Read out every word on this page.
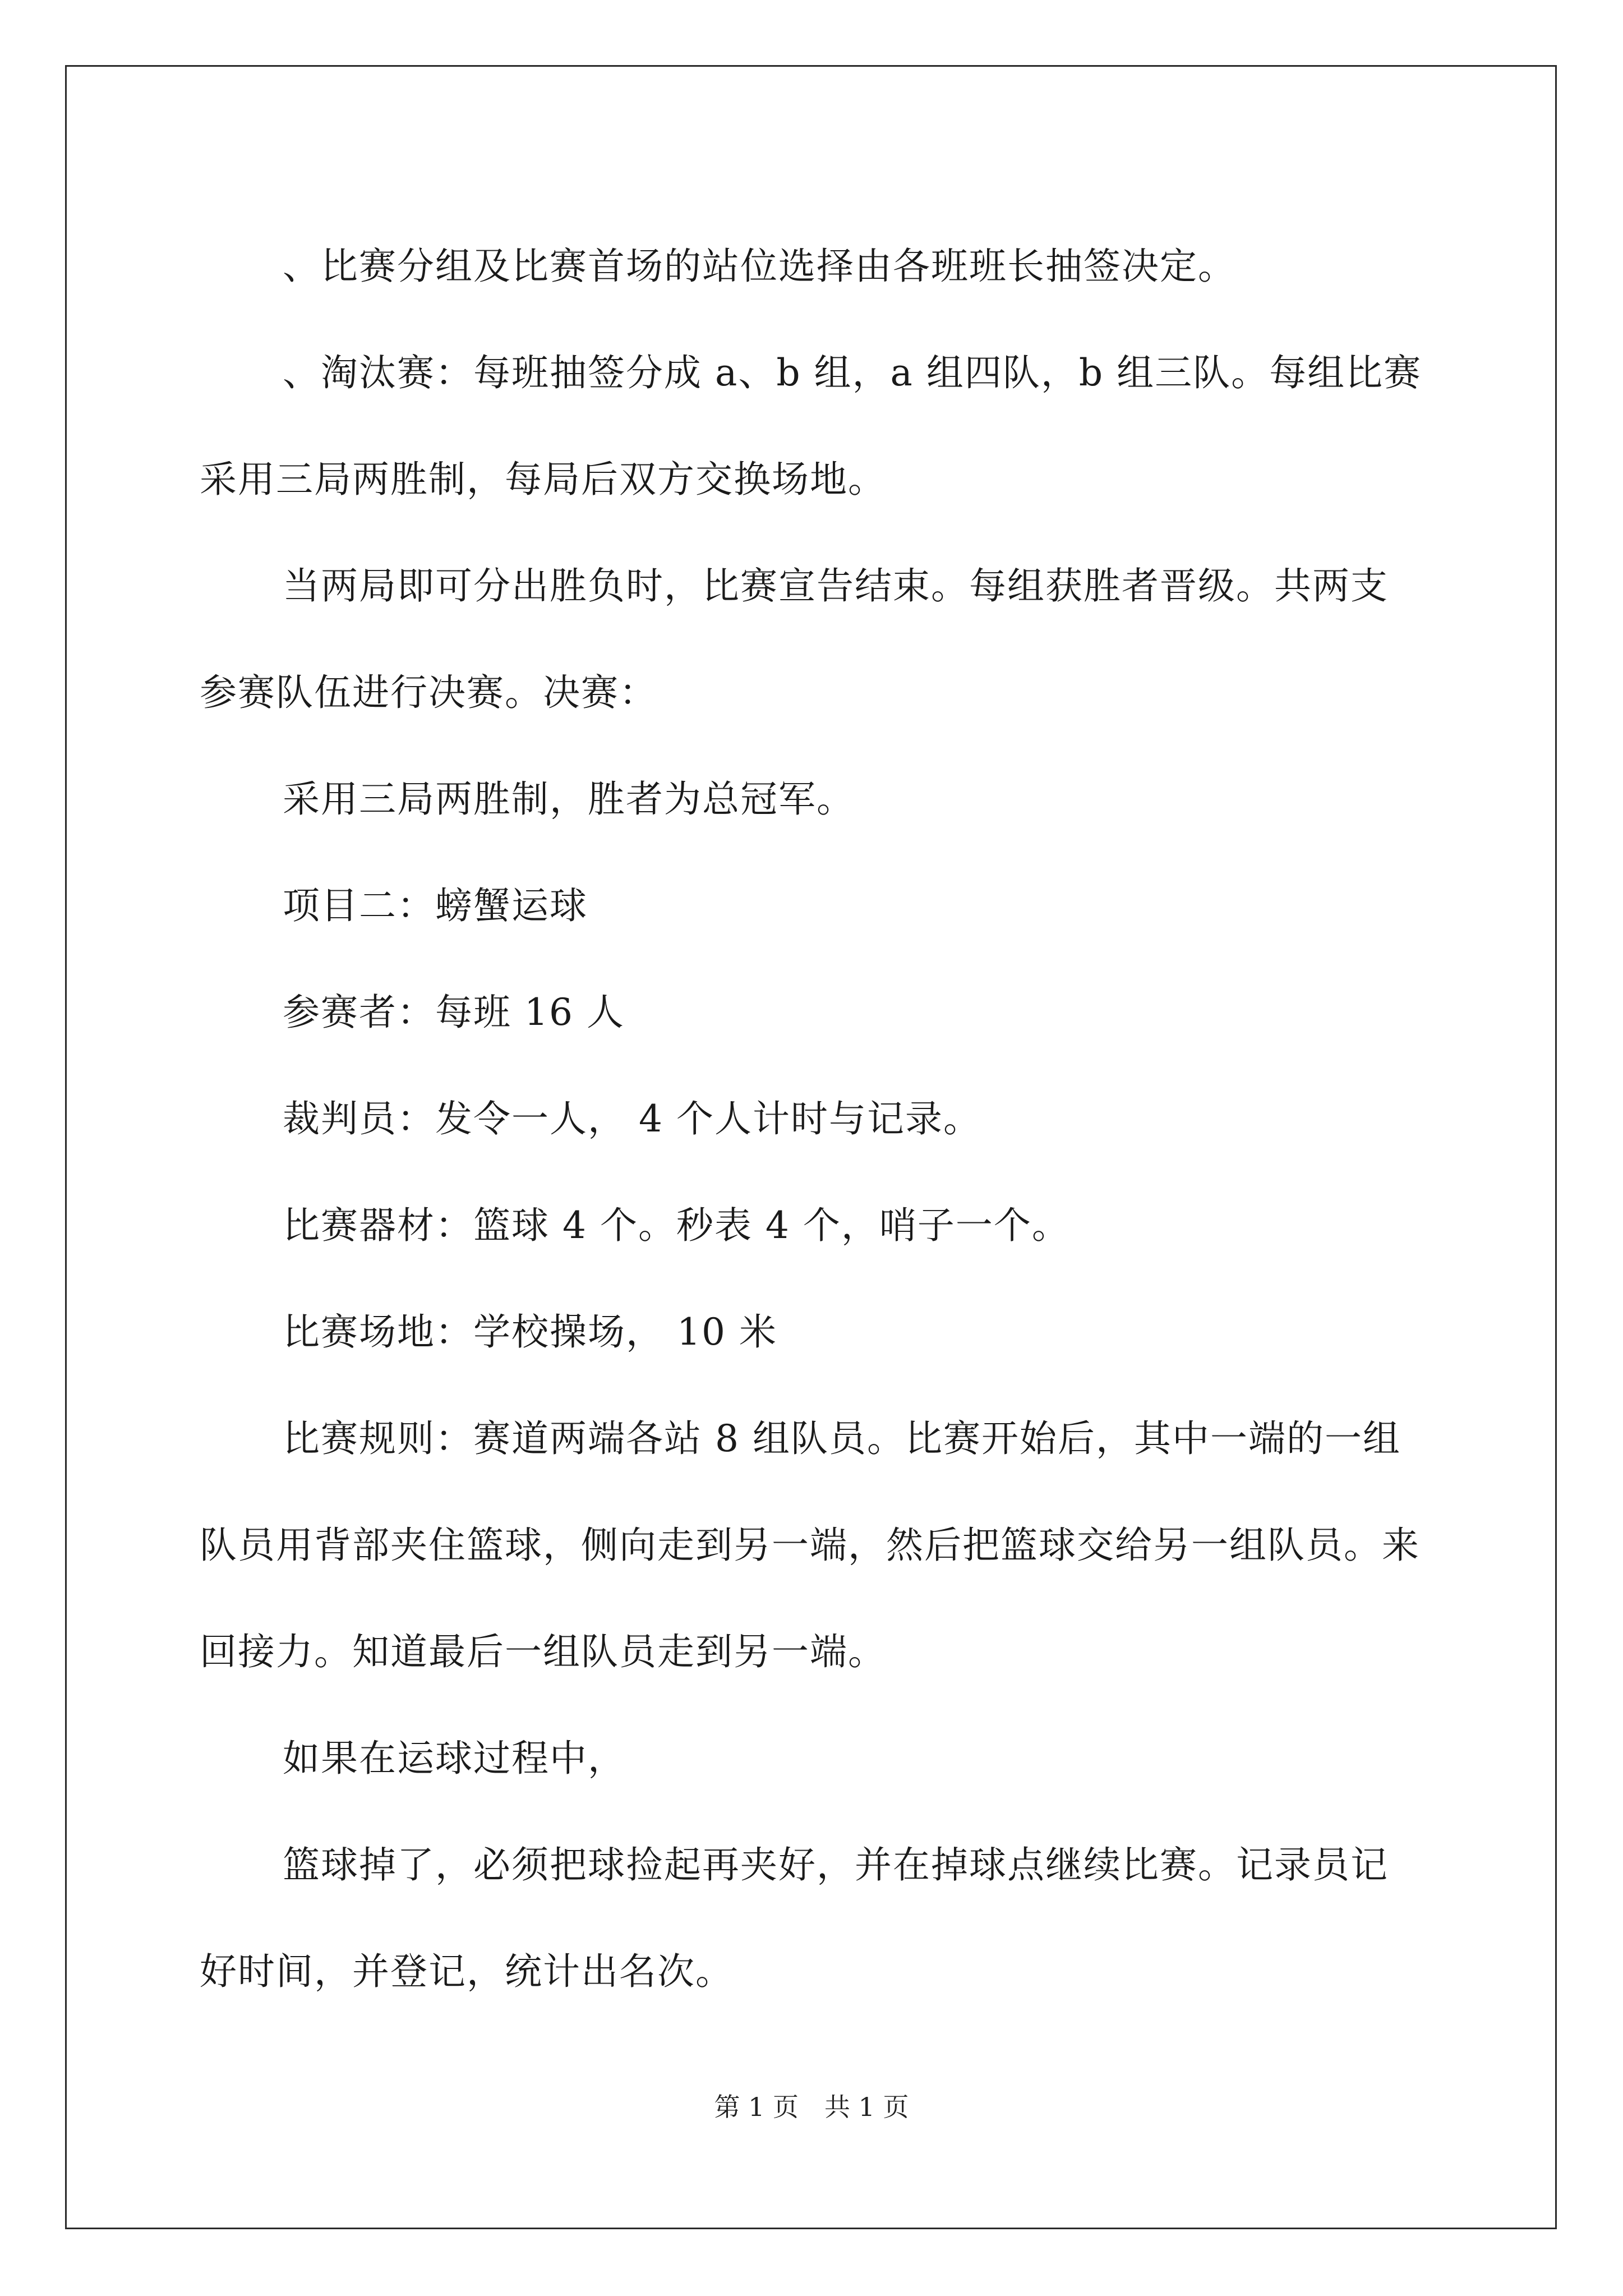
、比赛分组及比赛首场的站位选择由各班班长抽签决定。

、淘汰赛：每班抽签分成 a、b 组，a 组四队，b 组三队。每组比赛采用三局两胜制，每局后双方交换场地。

当两局即可分出胜负时，比赛宣告结束。每组获胜者晋级。共两支参赛队伍进行决赛。决赛：

采用三局两胜制，胜者为总冠军。

项目二：螃蟹运球

参赛者：每班 16 人

裁判员：发令一人， 4 个人计时与记录。

比赛器材：篮球 4 个。秒表 4 个，哨子一个。

比赛场地：学校操场， 10 米

比赛规则：赛道两端各站 8 组队员。比赛开始后，其中一端的一组队员用背部夹住篮球，侧向走到另一端，然后把篮球交给另一组队员。来回接力。知道最后一组队员走到另一端。

如果在运球过程中，

篮球掉了，必须把球捡起再夹好，并在掉球点继续比赛。记录员记好时间，并登记，统计出名次。

第 1 页　共 1 页
